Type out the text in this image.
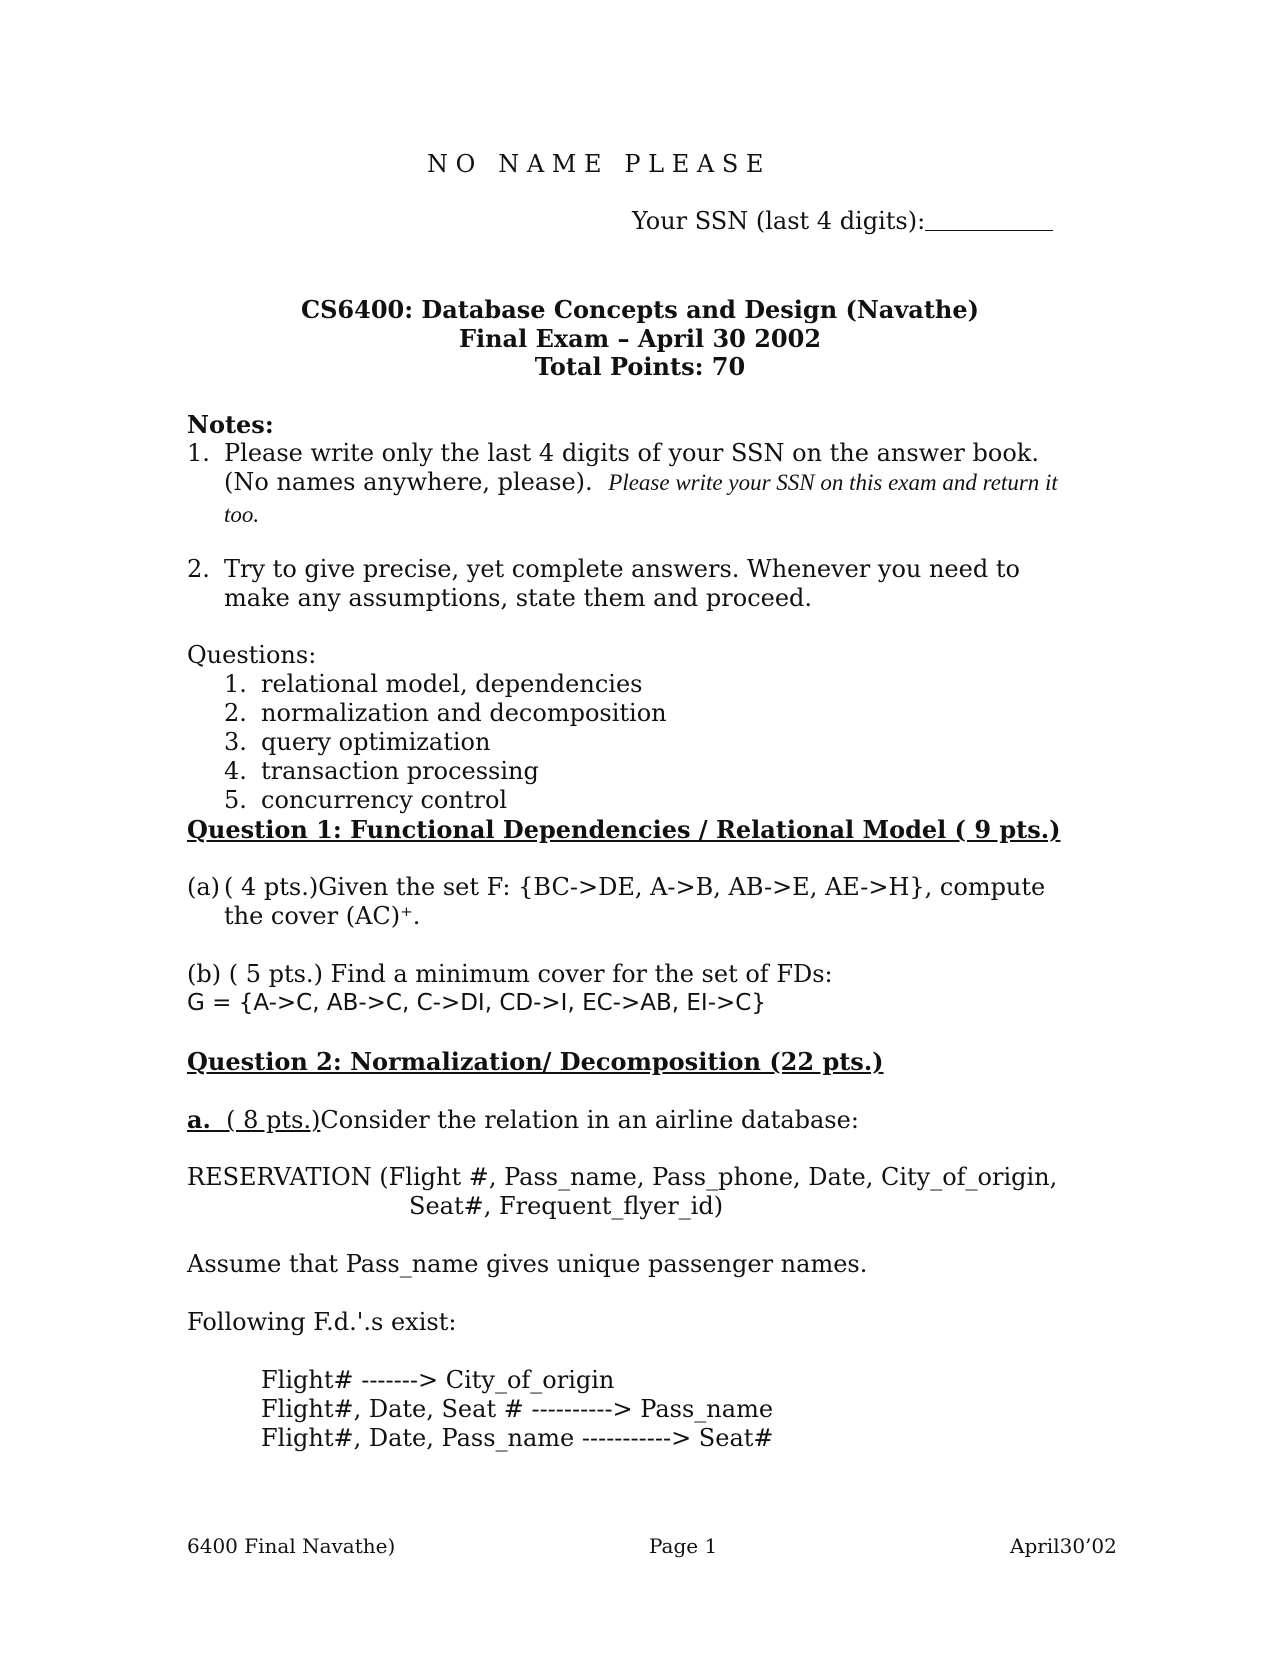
N O   N A M E   P L E A S E
Your SSN (last 4 digits):
CS6400: Database Concepts and Design (Navathe)
Final Exam – April 30 2002
Total Points: 70
Notes:
1. Please write only the last 4 digits of your SSN on the answer book.
(No names anywhere, please). Please write your SSN on this exam and return it
too.
2. Try to give precise, yet complete answers. Whenever you need to
make any assumptions, state them and proceed.
Questions:
1. relational model, dependencies
2. normalization and decomposition
3. query optimization
4. transaction processing
5. concurrency control
Question 1: Functional Dependencies / Relational Model ( 9 pts.)
(a) ( 4 pts.)Given the set F: {BC->DE, A->B, AB->E, AE->H}, compute
the cover (AC)⁺.
(b) ( 5 pts.) Find a minimum cover for the set of FDs:
G = {A->C, AB->C, C->DI, CD->I, EC->AB, EI->C}
Question 2: Normalization/ Decomposition (22 pts.)
a.  ( 8 pts.)Consider the relation in an airline database:
RESERVATION (Flight #, Pass_name, Pass_phone, Date, City_of_origin,
Seat#, Frequent_flyer_id)
Assume that Pass_name gives unique passenger names.
Following F.d.'.s exist:
Flight# -------> City_of_origin
Flight#, Date, Seat # ----------> Pass_name
Flight#, Date, Pass_name -----------> Seat#
6400 Final Navathe)	Page 1	April30’02
